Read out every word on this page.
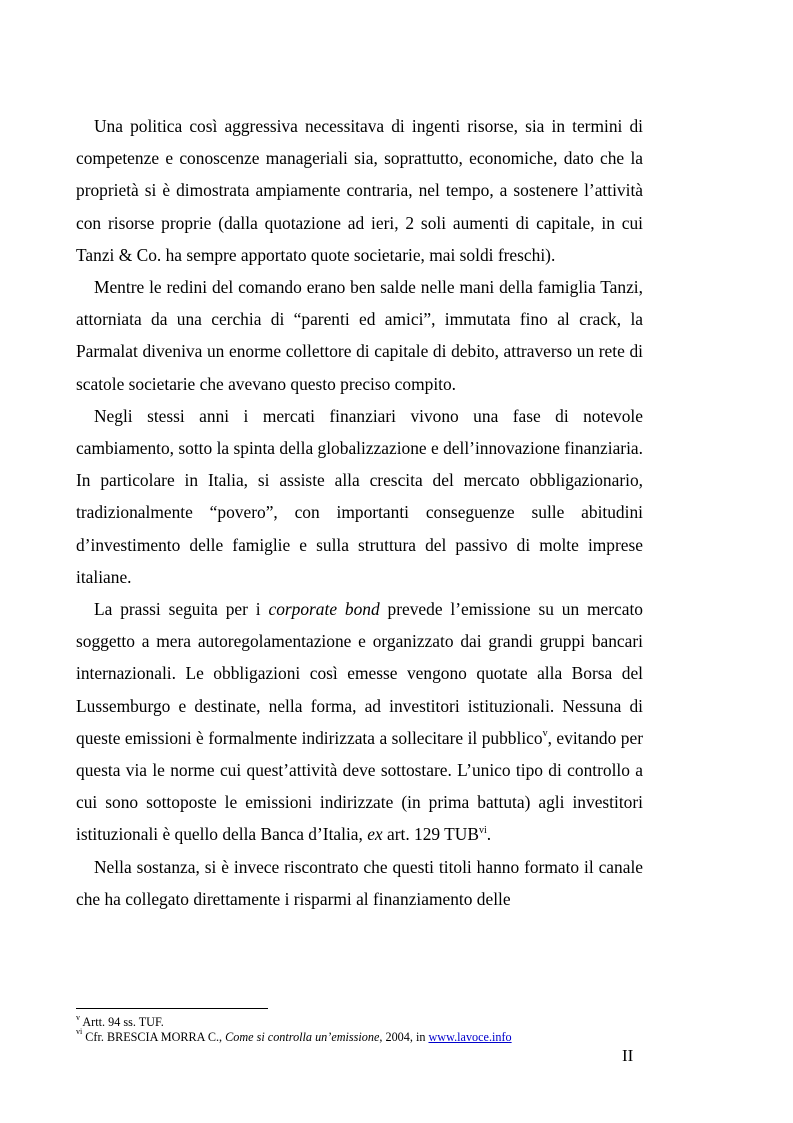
Una politica così aggressiva necessitava di ingenti risorse, sia in termini di competenze e conoscenze manageriali sia, soprattutto, economiche, dato che la proprietà si è dimostrata ampiamente contraria, nel tempo, a sostenere l’attività con risorse proprie (dalla quotazione ad ieri, 2 soli aumenti di capitale, in cui Tanzi & Co. ha sempre apportato quote societarie, mai soldi freschi).

Mentre le redini del comando erano ben salde nelle mani della famiglia Tanzi, attorniata da una cerchia di “parenti ed amici”, immutata fino al crack, la Parmalat diveniva un enorme collettore di capitale di debito, attraverso un rete di scatole societarie che avevano questo preciso compito.

Negli stessi anni i mercati finanziari vivono una fase di notevole cambiamento, sotto la spinta della globalizzazione e dell’innovazione finanziaria. In particolare in Italia, si assiste alla crescita del mercato obbligazionario, tradizionalmente “povero”, con importanti conseguenze sulle abitudini d’investimento delle famiglie e sulla struttura del passivo di molte imprese italiane.

La prassi seguita per i corporate bond prevede l’emissione su un mercato soggetto a mera autoregolamentazione e organizzato dai grandi gruppi bancari internazionali. Le obbligazioni così emesse vengono quotate alla Borsa del Lussemburgo e destinate, nella forma, ad investitori istituzionali. Nessuna di queste emissioni è formalmente indirizzata a sollecitare il pubblico$^v$, evitando per questa via le norme cui quest’attività deve sottostare. L’unico tipo di controllo a cui sono sottoposte le emissioni indirizzate (in prima battuta) agli investitori istituzionali è quello della Banca d’Italia, ex art. 129 TUB$^{vi}$.

Nella sostanza, si è invece riscontrato che questi titoli hanno formato il canale che ha collegato direttamente i risparmi al finanziamento delle

$^v$ Artt. 94 ss. TUF.
$^{vi}$ Cfr. BRESCIA MORRA C., Come si controlla un’emissione, 2004, in www.lavoce.info
II
